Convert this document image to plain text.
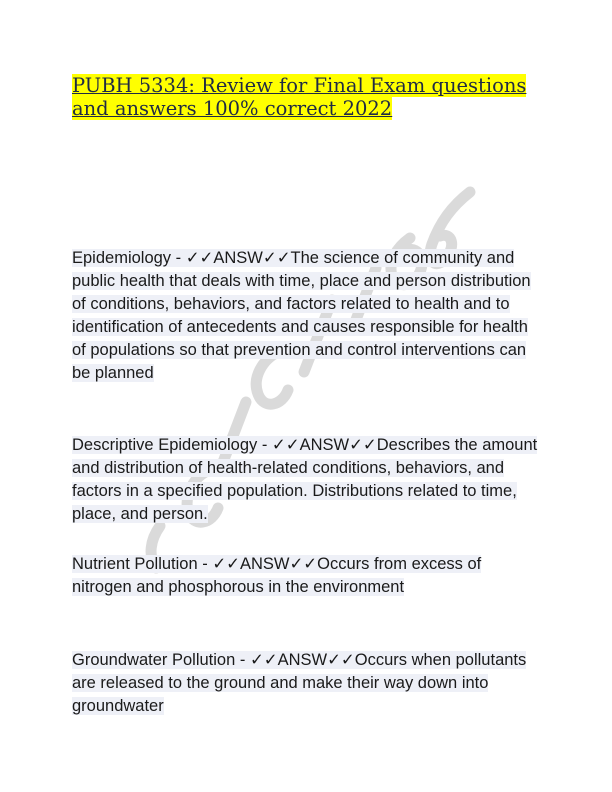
PUBH 5334: Review for Final Exam questions and answers 100% correct 2022

Epidemiology - ✓✓ANSW✓✓The science of community and public health that deals with time, place and person distribution of conditions, behaviors, and factors related to health and to identification of antecedents and causes responsible for health of populations so that prevention and control interventions can be planned

Descriptive Epidemiology - ✓✓ANSW✓✓Describes the amount and distribution of health-related conditions, behaviors, and factors in a specified population. Distributions related to time, place, and person.

Nutrient Pollution - ✓✓ANSW✓✓Occurs from excess of nitrogen and phosphorous in the environment

Groundwater Pollution - ✓✓ANSW✓✓Occurs when pollutants are released to the ground and make their way down into groundwater
